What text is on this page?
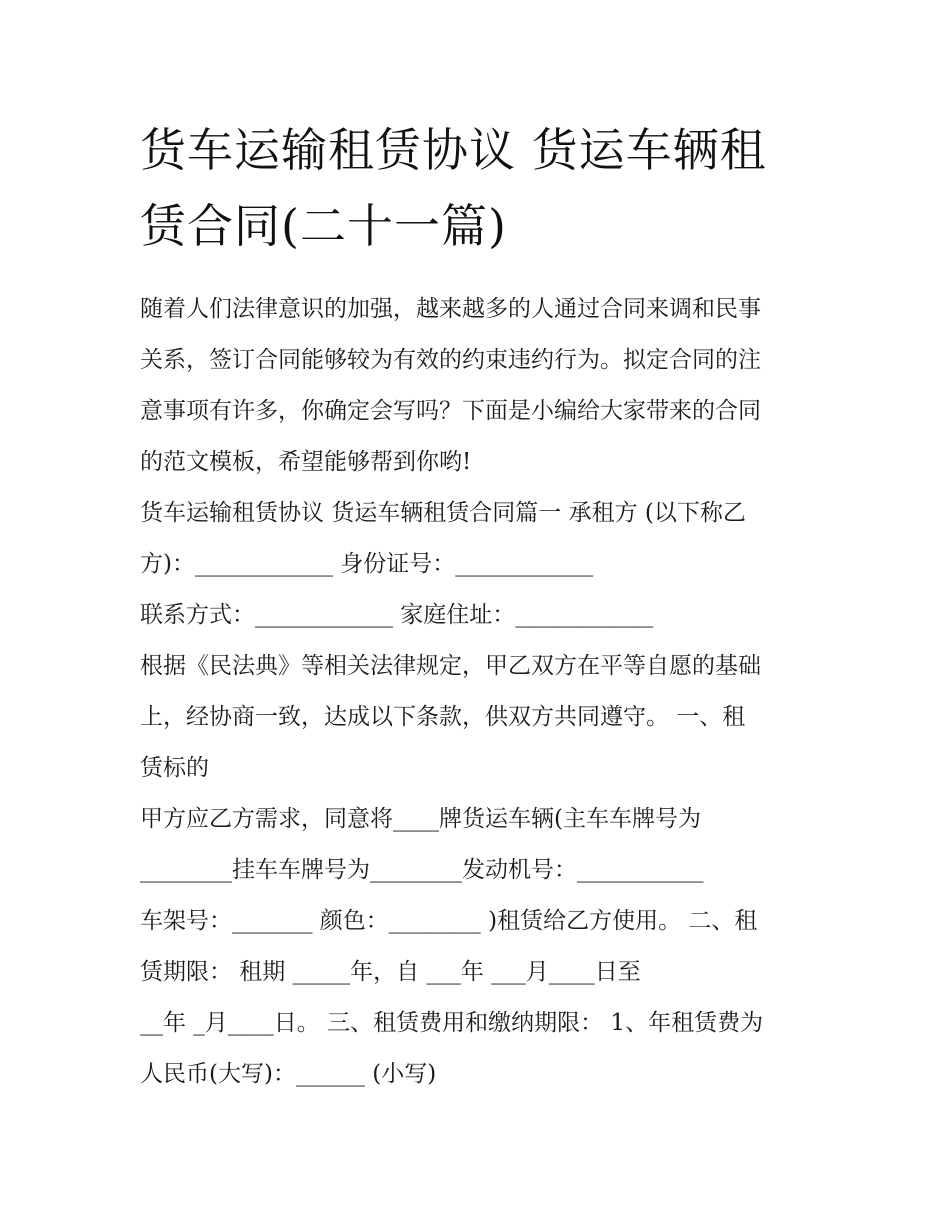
货车运输租赁协议 货运车辆租
赁合同(二十一篇)
随着人们法律意识的加强，越来越多的人通过合同来调和民事
关系，签订合同能够较为有效的约束违约行为。拟定合同的注
意事项有许多，你确定会写吗？下面是小编给大家带来的合同
的范文模板，希望能够帮到你哟!
货车运输租赁协议 货运车辆租赁合同篇一 承租方 (以下称乙
方)：____________ 身份证号：____________
联系方式：____________ 家庭住址：____________
根据《民法典》等相关法律规定，甲乙双方在平等自愿的基础
上，经协商一致，达成以下条款，供双方共同遵守。 一、租
赁标的
甲方应乙方需求，同意将____牌货运车辆(主车车牌号为
________挂车车牌号为________发动机号：___________
车架号：_______ 颜色：________ )租赁给乙方使用。 二、租
赁期限： 租期 _____年，自 ___年 ___月____日至
__年 _月____日。 三、租赁费用和缴纳期限： 1、年租赁费为
人民币(大写)：______ (小写)
